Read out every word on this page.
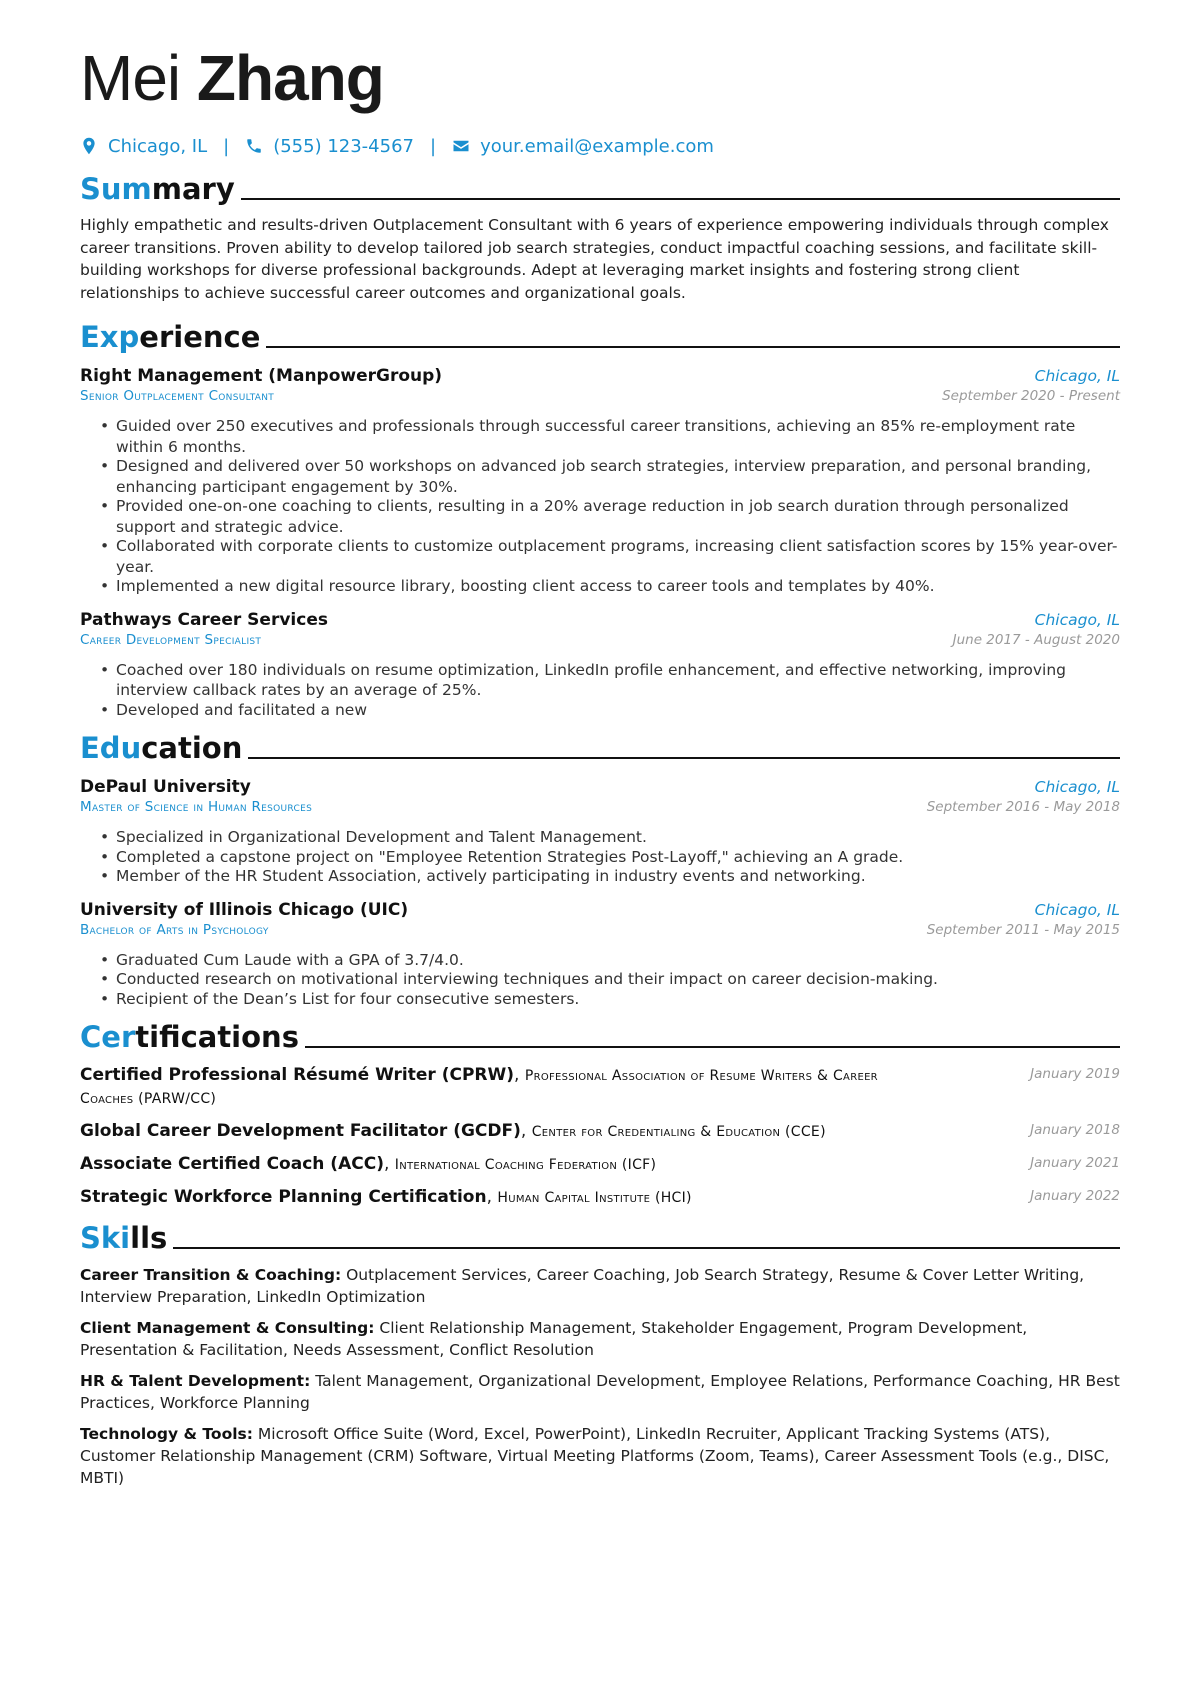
Mei Zhang
Chicago, IL | (555) 123-4567 | your.email@example.com
Summary

Highly empathetic and results-driven Outplacement Consultant with 6 years of experience empowering individuals through complex career transitions. Proven ability to develop tailored job search strategies, conduct impactful coaching sessions, and facilitate skill-building workshops for diverse professional backgrounds. Adept at leveraging market insights and fostering strong client relationships to achieve successful career outcomes and organizational goals.

Experience
Right Management (ManpowerGroup)	Chicago, IL
Senior Outplacement Consultant	September 2020 - Present
• Guided over 250 executives and professionals through successful career transitions, achieving an 85% re-employment rate within 6 months.
• Designed and delivered over 50 workshops on advanced job search strategies, interview preparation, and personal branding, enhancing participant engagement by 30%.
• Provided one-on-one coaching to clients, resulting in a 20% average reduction in job search duration through personalized support and strategic advice.
• Collaborated with corporate clients to customize outplacement programs, increasing client satisfaction scores by 15% year-over-year.
• Implemented a new digital resource library, boosting client access to career tools and templates by 40%.
Pathways Career Services	Chicago, IL
Career Development Specialist	June 2017 - August 2020
• Coached over 180 individuals on resume optimization, LinkedIn profile enhancement, and effective networking, improving interview callback rates by an average of 25%.
• Developed and facilitated a new
Education
DePaul University	Chicago, IL
Master of Science in Human Resources	September 2016 - May 2018
• Specialized in Organizational Development and Talent Management.
• Completed a capstone project on "Employee Retention Strategies Post-Layoff," achieving an A grade.
• Member of the HR Student Association, actively participating in industry events and networking.
University of Illinois Chicago (UIC)	Chicago, IL
Bachelor of Arts in Psychology	September 2011 - May 2015
• Graduated Cum Laude with a GPA of 3.7/4.0.
• Conducted research on motivational interviewing techniques and their impact on career decision-making.
• Recipient of the Dean’s List for four consecutive semesters.
Certifications
Certified Professional Résumé Writer (CPRW), Professional Association of Resume Writers & Career Coaches (PARW/CC)
January 2019
Global Career Development Facilitator (GCDF), Center for Credentialing & Education (CCE)	January 2018
Associate Certified Coach (ACC), International Coaching Federation (ICF)	January 2021
Strategic Workforce Planning Certification, Human Capital Institute (HCI)	January 2022
Skills
Career Transition & Coaching: Outplacement Services, Career Coaching, Job Search Strategy, Resume & Cover Letter Writing, Interview Preparation, LinkedIn Optimization
Client Management & Consulting: Client Relationship Management, Stakeholder Engagement, Program Development, Presentation & Facilitation, Needs Assessment, Conflict Resolution
HR & Talent Development: Talent Management, Organizational Development, Employee Relations, Performance Coaching, HR Best Practices, Workforce Planning
Technology & Tools: Microsoft Office Suite (Word, Excel, PowerPoint), LinkedIn Recruiter, Applicant Tracking Systems (ATS), Customer Relationship Management (CRM) Software, Virtual Meeting Platforms (Zoom, Teams), Career Assessment Tools (e.g., DISC, MBTI)
